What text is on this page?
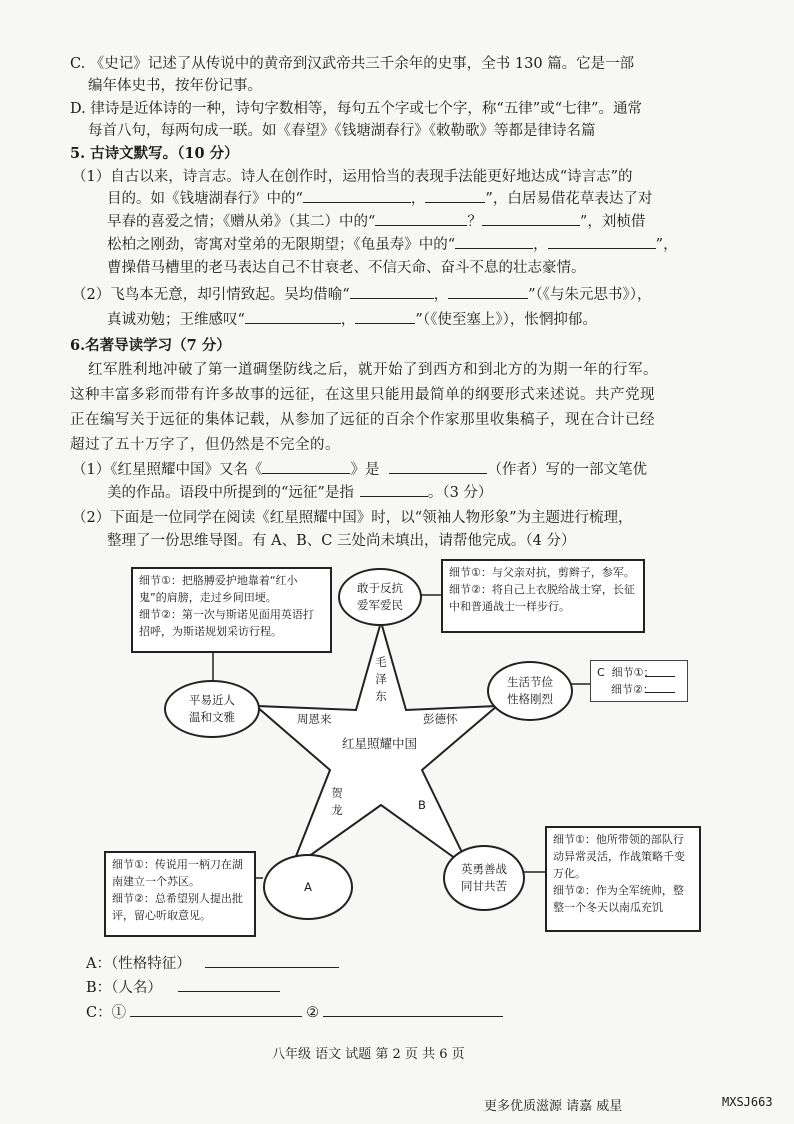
C. 《史记》记述了从传说中的黄帝到汉武帝共三千余年的史事，全书 130 篇。它是一部
编年体史书，按年份记事。
D. 律诗是近体诗的一种，诗句字数相等，每句五个字或七个字，称“五律”或“七律”。通常
每首八句，每两句成一联。如《春望》《钱塘湖春行》《敕勒歌》等都是律诗名篇
5. 古诗文默写。（10 分）
（1）自古以来，诗言志。诗人在创作时，运用恰当的表现手法能更好地达成“诗言志”的
目的。如《钱塘湖春行》中的“	，	”，白居易借花草表达了对
早春的喜爱之情；《赠从弟》（其二）中的“	？	”，刘桢借
松柏之刚劲，寄寓对堂弟的无限期望；《龟虽寿》中的“	，	”，
曹操借马槽里的老马表达自己不甘衰老、不信天命、奋斗不息的壮志豪情。
（2）飞鸟本无意，却引情致起。吴均借喻“	，	”（《与朱元思书》），
真诚劝勉；王维感叹“	，	”（《使至塞上》），怅惘抑郁。
6.名著导读学习（7 分）
红军胜利地冲破了第一道碉堡防线之后，就开始了到西方和到北方的为期一年的行军。
这种丰富多彩而带有许多故事的远征，在这里只能用最简单的纲要形式来述说。共产党现
正在编写关于远征的集体记载，从参加了远征的百余个作家那里收集稿子，现在合计已经
超过了五十万字了，但仍然是不完全的。
（1）《红星照耀中国》又名《	》是	（作者）写的一部文笔优
美的作品。语段中所提到的“远征”是指	。（3 分）
（2）下面是一位同学在阅读《红星照耀中国》时，以“领袖人物形象”为主题进行梳理，
整理了一份思维导图。有 A、B、C 三处尚未填出，请帮他完成。（4 分）
细节①：把胳膊爱护地靠着“红小鬼”的肩膀，走过乡间田埂。
细节②：第一次与斯诺见面用英语打招呼，为斯诺规划采访行程。
细节①：与父亲对抗，剪辫子，参军。
细节②：将自己上衣脱给战士穿，长征中和普通战士一样步行。
C  细节①：
细节②：
细节①：传说用一柄刀在湖南建立一个苏区。
细节②：总希望别人提出批评，留心听取意见。
细节①：他所带领的部队行动异常灵活，作战策略千变万化。
细节②：作为全军统帅，整整一个冬天以南瓜充饥
敢于反抗
爱军爱民
平易近人
温和文雅
生活节俭
性格刚烈
A
英勇善战
同甘共苦
红星照耀中国
毛泽东
周恩来	彭德怀
贺龙	B
A：（性格特征）
B：（人名）
C：①	②
八年级 语文 试题 第 2 页 共 6 页
更多优质滋源 请嘉 威星	MXSJ663
